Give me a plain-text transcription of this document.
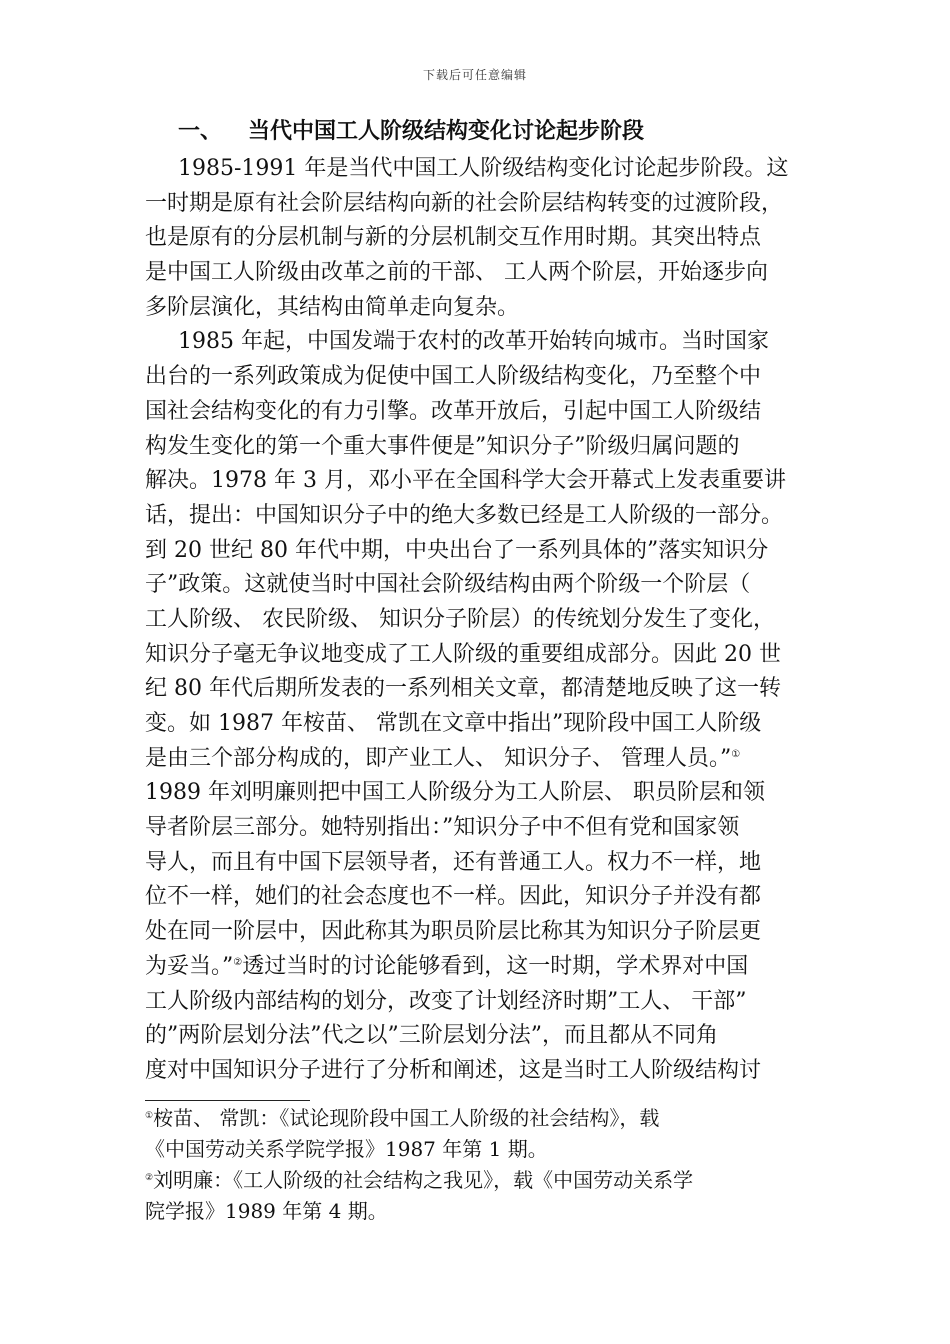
下载后可任意编辑
一、 当代中国工人阶级结构变化讨论起步阶段
1985-1991 年是当代中国工人阶级结构变化讨论起步阶段。这
一时期是原有社会阶层结构向新的社会阶层结构转变的过渡阶段，
也是原有的分层机制与新的分层机制交互作用时期。其突出特点
是中国工人阶级由改革之前的干部、 工人两个阶层，开始逐步向
多阶层演化，其结构由简单走向复杂。
1985 年起，中国发端于农村的改革开始转向城市。当时国家
出台的一系列政策成为促使中国工人阶级结构变化，乃至整个中
国社会结构变化的有力引擎。改革开放后，引起中国工人阶级结
构发生变化的第一个重大事件便是”知识分子”阶级归属问题的
解决。1978 年 3 月，邓小平在全国科学大会开幕式上发表重要讲
话，提出：中国知识分子中的绝大多数已经是工人阶级的一部分。
到 20 世纪 80 年代中期，中央出台了一系列具体的”落实知识分
子”政策。这就使当时中国社会阶级结构由两个阶级一个阶层（
工人阶级、 农民阶级、 知识分子阶层）的传统划分发生了变化，
知识分子毫无争议地变成了工人阶级的重要组成部分。因此 20 世
纪 80 年代后期所发表的一系列相关文章，都清楚地反映了这一转
变。如 1987 年桉苗、 常凯在文章中指出”现阶段中国工人阶级
是由三个部分构成的，即产业工人、 知识分子、 管理人员。”①
1989 年刘明廉则把中国工人阶级分为工人阶层、 职员阶层和领
导者阶层三部分。她特别指出：”知识分子中不但有党和国家领
导人，而且有中国下层领导者，还有普通工人。权力不一样，地
位不一样，她们的社会态度也不一样。因此，知识分子并没有都
处在同一阶层中，因此称其为职员阶层比称其为知识分子阶层更
为妥当。”②透过当时的讨论能够看到，这一时期，学术界对中国
工人阶级内部结构的划分，改变了计划经济时期”工人、 干部”
的”两阶层划分法”代之以”三阶层划分法”，而且都从不同角
度对中国知识分子进行了分析和阐述，这是当时工人阶级结构讨
①桉苗、 常凯：《试论现阶段中国工人阶级的社会结构》，载
《中国劳动关系学院学报》1987 年第 1 期。
②刘明廉：《工人阶级的社会结构之我见》，载《中国劳动关系学
院学报》1989 年第 4 期。
